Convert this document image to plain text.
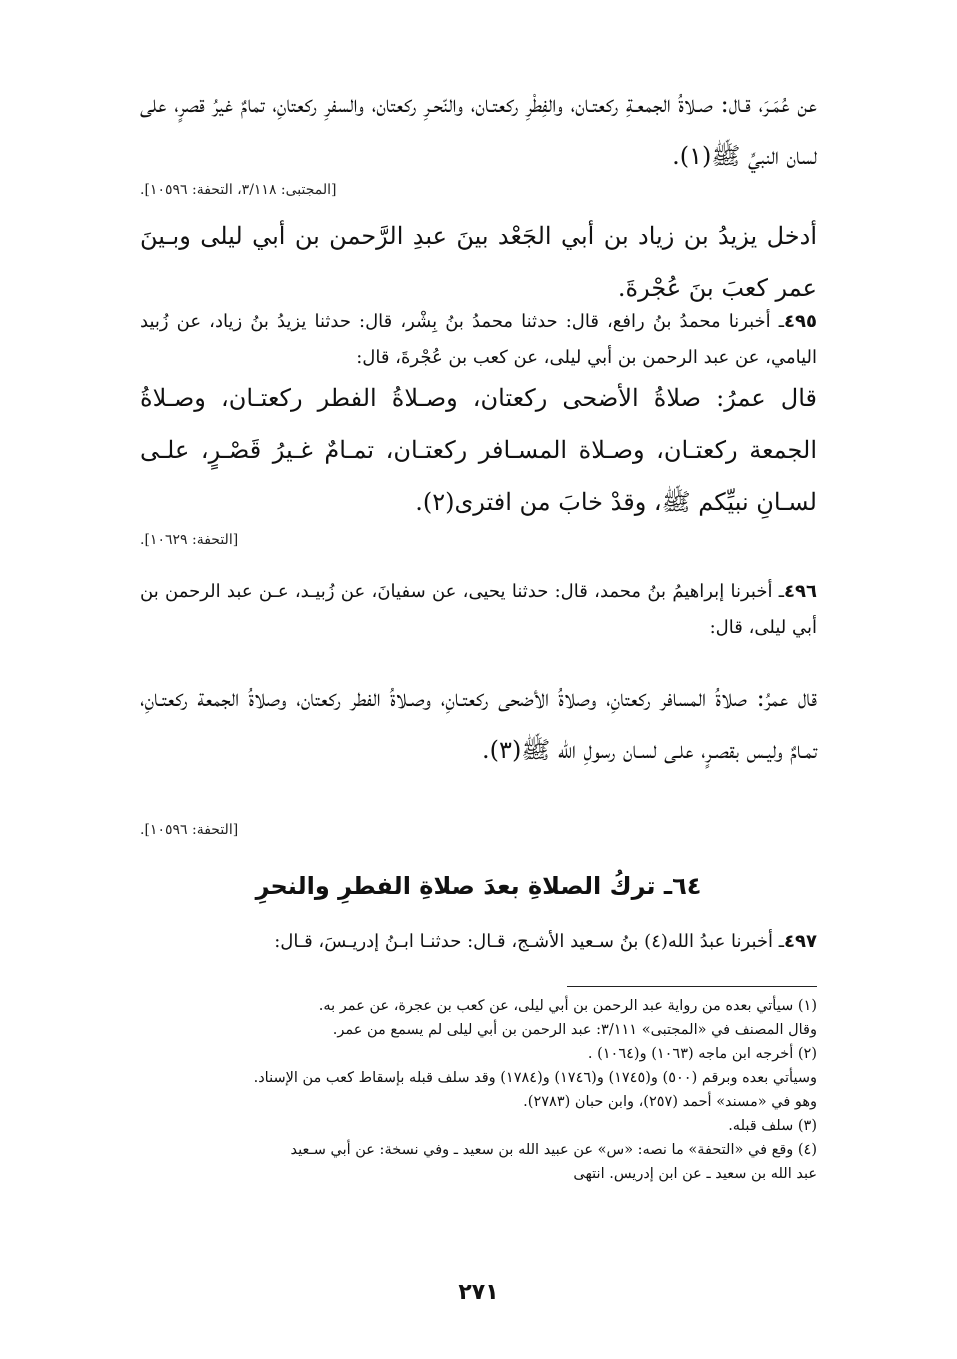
عن عُمَـرَ، قـال: صـلاةُ الجمعـةِ ركعتـان، والفِطْرِ ركعتـان، والنّحـرِ ركعتان، والسفرِ ركعتانِ، تمامٌ غيرُ قصرٍ، على لسان النبيِّ ﷺ(١).
[المجتبى: ٣/١١٨، التحفة: ١٠٥٩٦].
أدخل يزيدُ بن زياد بن أبي الجَعْد بينَ عبدِ الرَّحمن بن أبي ليلى وبـينَ عمر كعبَ بنَ عُجْرةَ.
٤٩٥ـ أخبرنا محمدُ بنُ رافع، قال: حدثنا محمدُ بنُ بِشْر، قال: حدثنا يزيدُ بنُ زياد، عن زُبيد اليامي، عن عبد الرحمن بن أبي ليلى، عن كعب بن عُجْرةَ، قال:
قال عمرُ: صلاةُ الأضحى ركعتان، وصـلاةُ الفطر ركعتـان، وصـلاةُ الجمعة ركعتـان، وصـلاة المسـافر ركعتـان، تمـامٌ غـيرُ قَصْـرٍ، علـى لسـانِ نبيِّكم ﷺ، وقدْ خابَ من افترى(٢).
[التحفة: ١٠٦٢٩].
٤٩٦ـ أخبرنا إبراهيمُ بنُ محمد، قال: حدثنا يحيى، عن سفيانَ، عن زُبيـد، عـن عبد الرحمن بن أبي ليلى، قال:
قال عمرُ: صلاةُ المسافر ركعتانِ، وصلاةُ الأضحى ركعتـانِ، وصـلاةُ الفطر ركعتان، وصلاةُ الجمعة ركعتـانِ، تمـامٌ وليـس بقصـرٍ، علـى لسـان رسولِ الله ﷺ(٣).
[التحفة: ١٠٥٩٦].
٦٤ـ تركُ الصلاةِ بعدَ صلاةِ الفطرِ والنحرِ
٤٩٧ـ أخبرنا عبدُ الله(٤) بنُ سـعيد الأشـج، قـال: حدثنـا ابـنُ إدريـسَ، قـال:
(١) سيأتي بعده من رواية عبد الرحمن بن أبي ليلى، عن كعب بن عجرة، عن عمر به.
وقال المصنف في «المجتبى» ٣/١١١: عبد الرحمن بن أبي ليلى لم يسمع من عمر.
(٢) أخرجه ابن ماجه (١٠٦٣) و(١٠٦٤) .
وسيأتي بعده وبرقم (٥٠٠) و(١٧٤٥) و(١٧٤٦) و(١٧٨٤) وقد سلف قبله بإسقاط كعب من الإسناد.
وهو في «مسند» أحمد (٢٥٧)، وابن حبان (٢٧٨٣).
(٣) سلف قبله.
(٤) وقع في «التحفة» ما نصه: «س» عن عبيد الله بن سعيد ـ وفي نسخة: عن أبي سـعيد
عبد الله بن سعيد ـ عن ابن إدريس. انتهى
٢٧١
